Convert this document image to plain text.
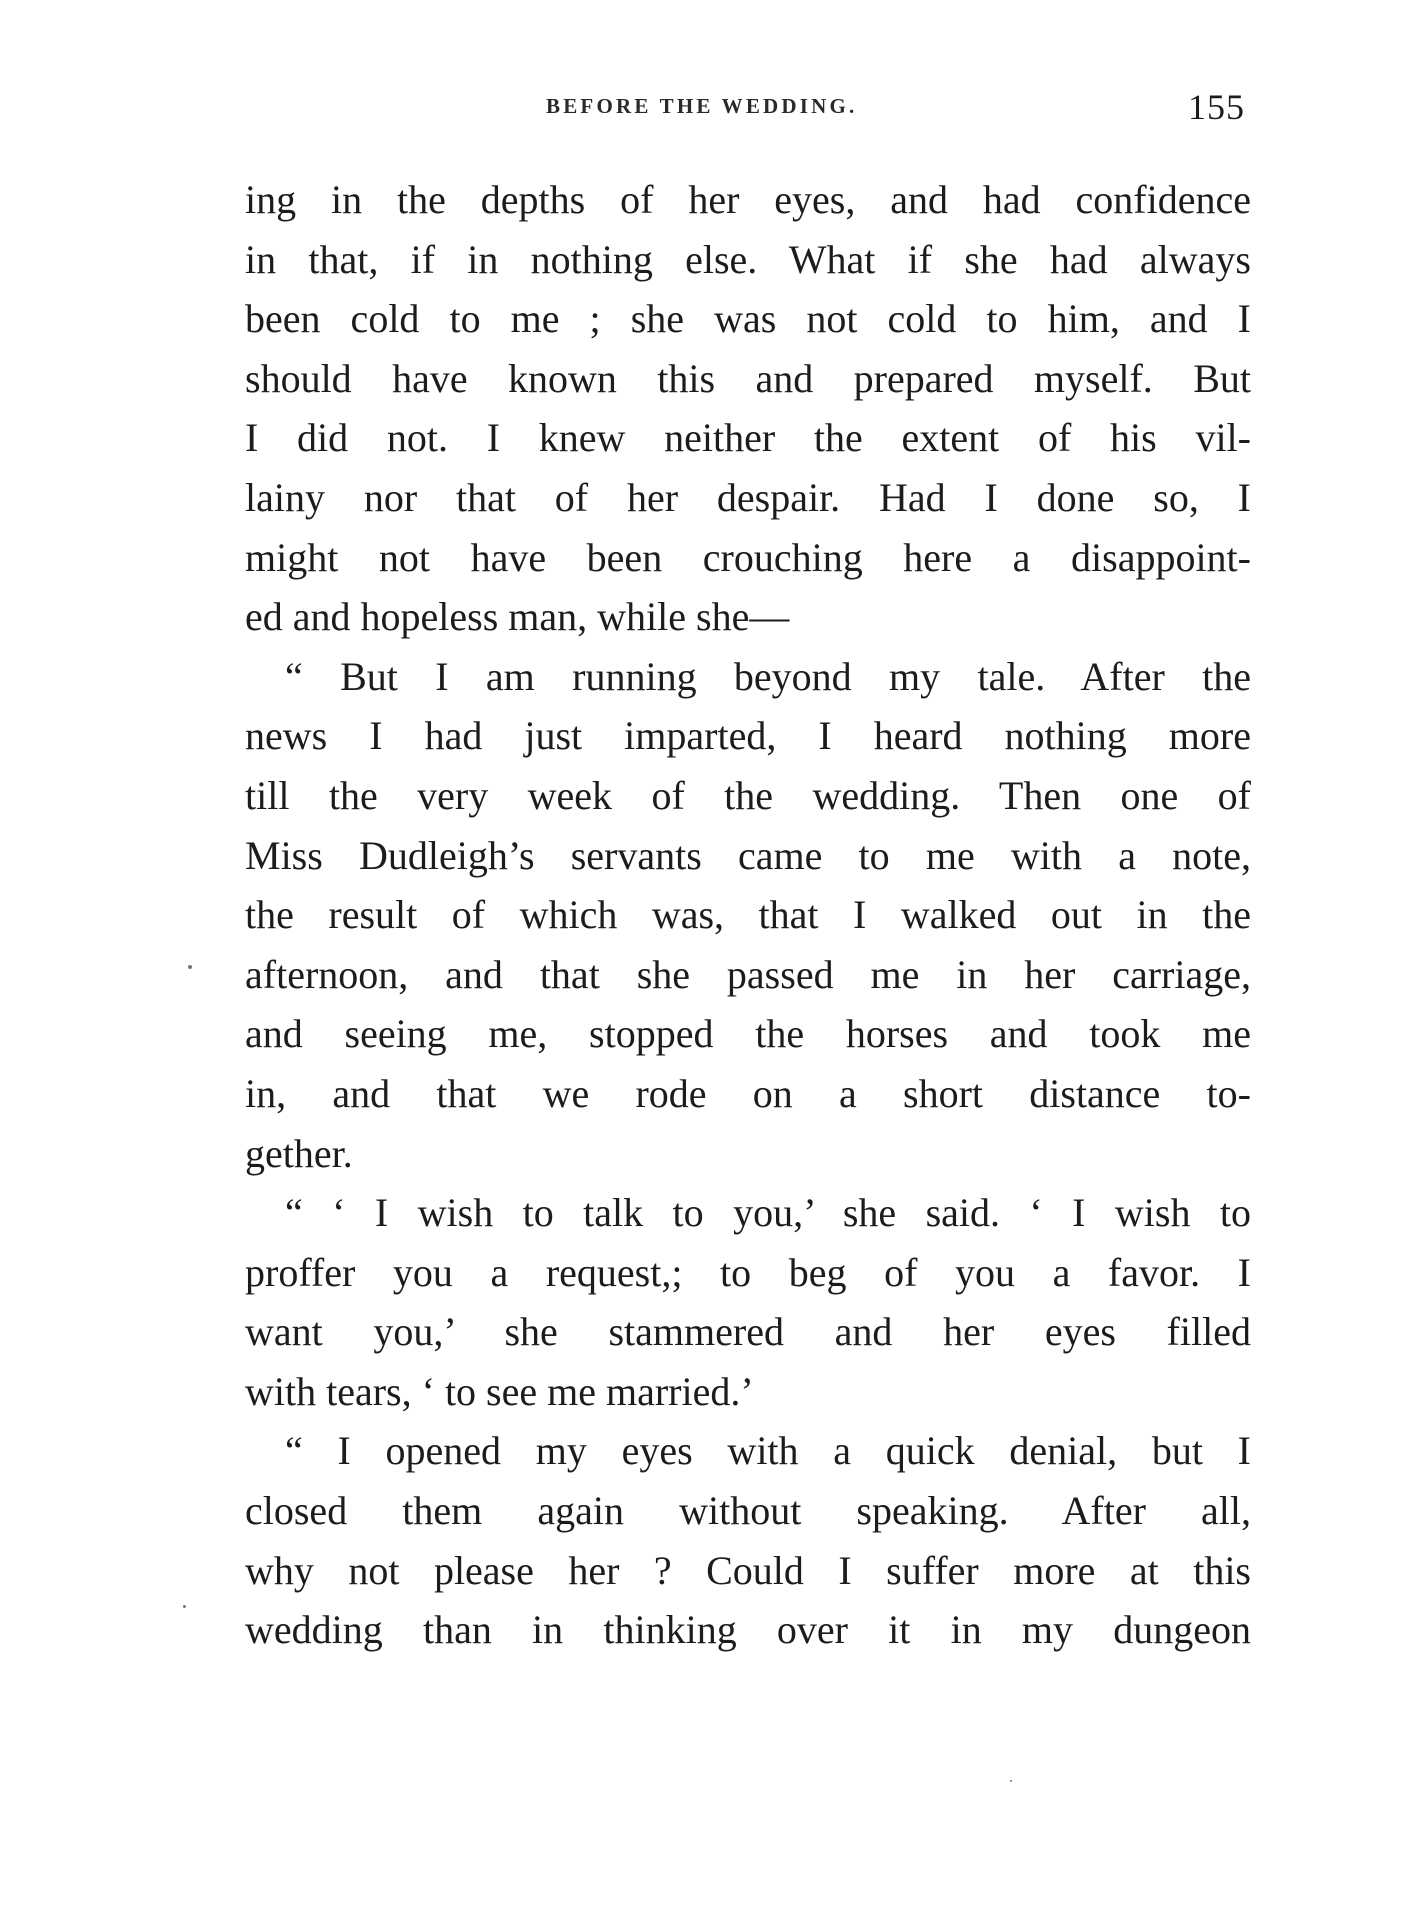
BEFORE THE WEDDING.	155
ing in the depths of her eyes, and had confidence
in that, if in nothing else. What if she had always
been cold to me ; she was not cold to him, and I
should have known this and prepared myself. But
I did not. I knew neither the extent of his vil-
lainy nor that of her despair. Had I done so, I
might not have been crouching here a disappoint-
ed and hopeless man, while she—
“ But I am running beyond my tale. After the
news I had just imparted, I heard nothing more
till the very week of the wedding. Then one of
Miss Dudleigh’s servants came to me with a note,
the result of which was, that I walked out in the
afternoon, and that she passed me in her carriage,
and seeing me, stopped the horses and took me
in, and that we rode on a short distance to-
gether.
“ ‘ I wish to talk to you,’ she said. ‘ I wish to
proffer you a request,; to beg of you a favor. I
want you,’ she stammered and her eyes filled
with tears, ‘ to see me married.’
“ I opened my eyes with a quick denial, but I
closed them again without speaking. After all,
why not please her ? Could I suffer more at this
wedding than in thinking over it in my dungeon
